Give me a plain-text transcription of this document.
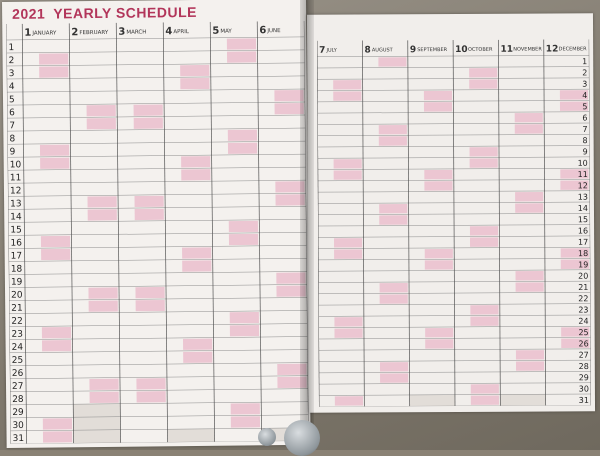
2021 YEARLY SCHEDULE
1 JANUARY 2 FEBRUARY 3 MARCH 4 APRIL 5 MAY	6 JUNE
1
2
3
4
5
6
7
8
9
10
11
12
13
14
15
16
17
18
19
20
21
22
23
24
25
26
27
28
29
30
31
7 JULY	8 AUGUST 9 SEPTEMBER 10 OCTOBER 11 NOVEMBER 12 DECEMBER
1
2
3
4
5
6
7
8
9
10
11
12
13
14
15
16
17
18
19
20
21
22
23
24
25
26
27
28
29
30
31
